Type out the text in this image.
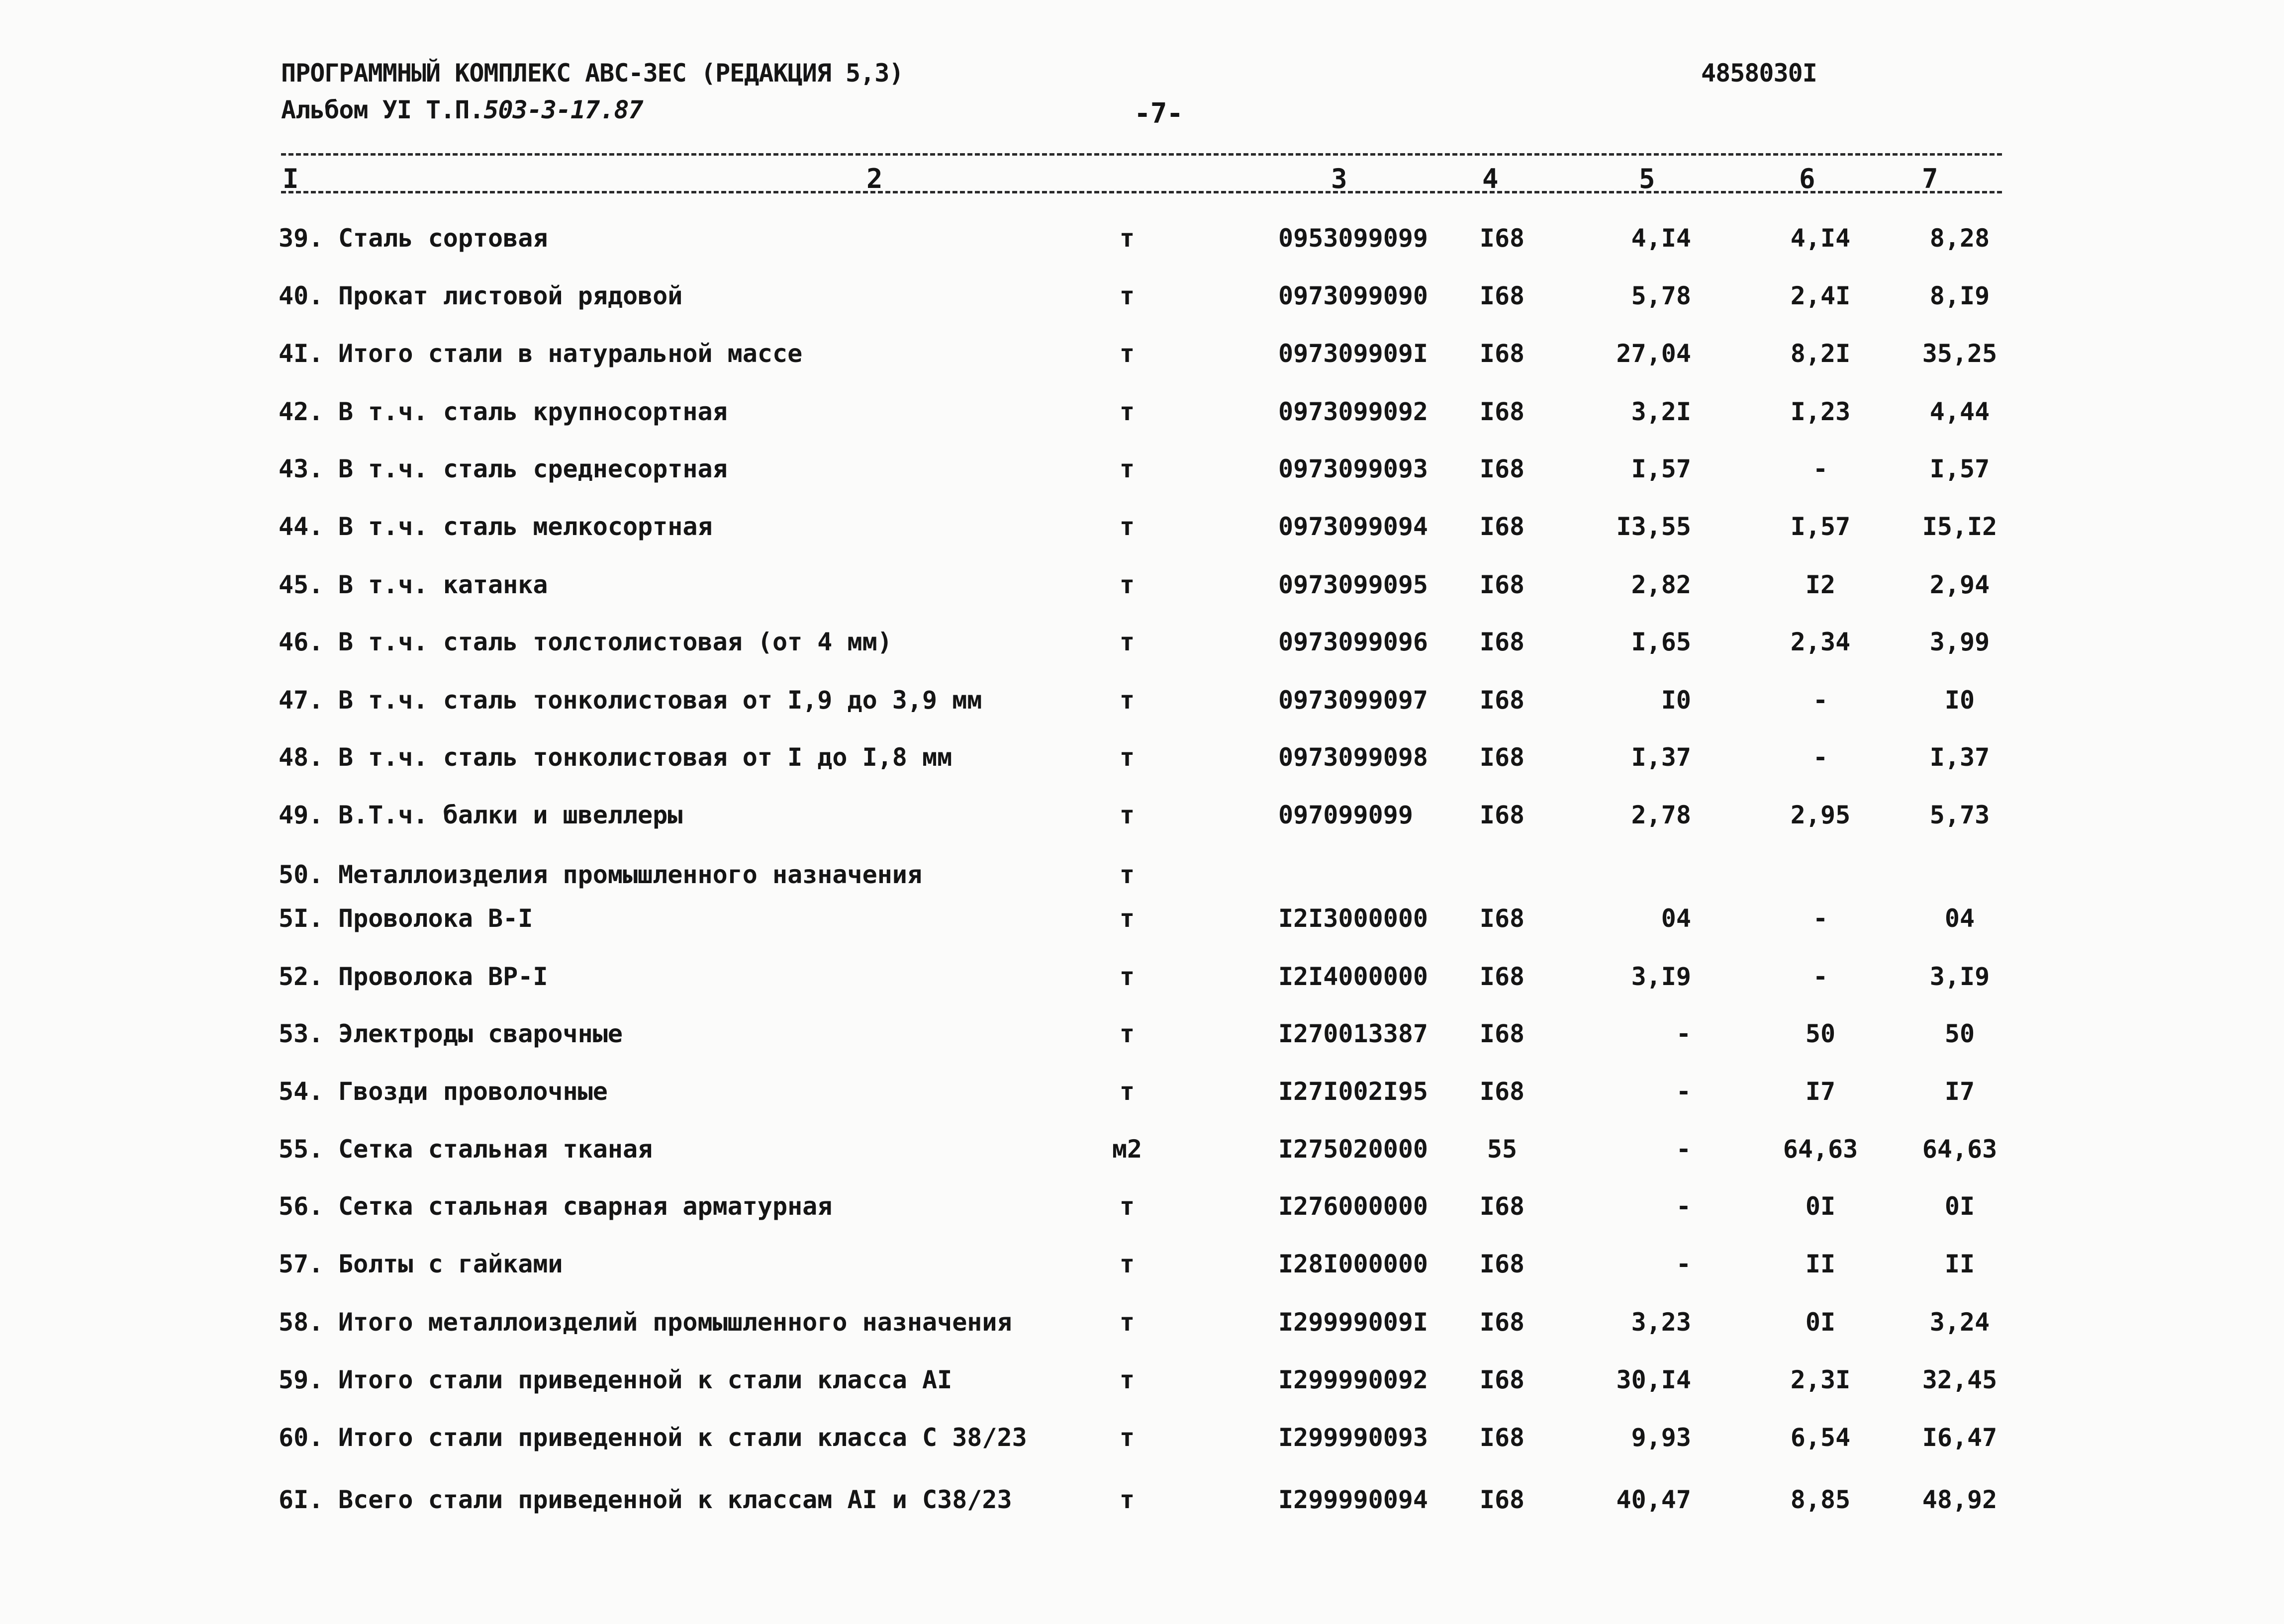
ПРОГРАММНЫЙ КОМПЛЕКС АВС-ЗЕС (РЕДАКЦИЯ 5,3)	4858030I
Альбом УI Т.П.503-3-17.87	-7-
I	2	3	4	5	6	7
39. Сталь сортовая	т	0953099099 I68	4,I4	4,I4	8,28
40. Прокат листовой рядовой	т	0973099090 I68	5,78	2,4I	8,I9
4I. Итого стали в натуральной массе	т	097309909I I68	27,04	8,2I	35,25
42. В т.ч. сталь крупносортная	т	0973099092 I68	3,2I	I,23	4,44
43. В т.ч. сталь среднесортная	т	0973099093 I68	I,57	-	I,57
44. В т.ч. сталь мелкосортная	т	0973099094 I68	I3,55	I,57	I5,I2
45. В т.ч. катанка	т	0973099095 I68	2,82	I2	2,94
46. В т.ч. сталь толстолистовая (от 4 мм)	т	0973099096 I68	I,65	2,34	3,99
47. В т.ч. сталь тонколистовая от I,9 до 3,9 мм	т	0973099097 I68	I0	-	I0
48. В т.ч. сталь тонколистовая от I до I,8 мм	т	0973099098 I68	I,37	-	I,37
49. В.Т.ч. балки и швеллеры	т	097099099	I68	2,78	2,95	5,73
50. Металлоизделия промышленного назначения	т
5I. Проволока В-I	т	I2I3000000 I68	04	-	04
52. Проволока ВР-I	т	I2I4000000 I68	3,I9	-	3,I9
53. Электроды сварочные	т	I270013387 I68	-	50	50
54. Гвозди проволочные	т	I27I002I95 I68	-	I7	I7
55. Сетка стальная тканая	м2	I275020000	55	-	64,63	64,63
56. Сетка стальная сварная арматурная	т	I276000000 I68	-	0I	0I
57. Болты с гайками	т	I28I000000 I68	-	II	II
58. Итого металлоизделий промышленного назначения	т	I29999009I I68	3,23	0I	3,24
59. Итого стали приведенной к стали класса АI	т	I299990092 I68	30,I4	2,3I	32,45
60. Итого стали приведенной к стали класса С 38/23	т	I299990093 I68	9,93	6,54	I6,47
6I. Всего стали приведенной к классам АI и С38/23	т	I299990094 I68	40,47	8,85	48,92
